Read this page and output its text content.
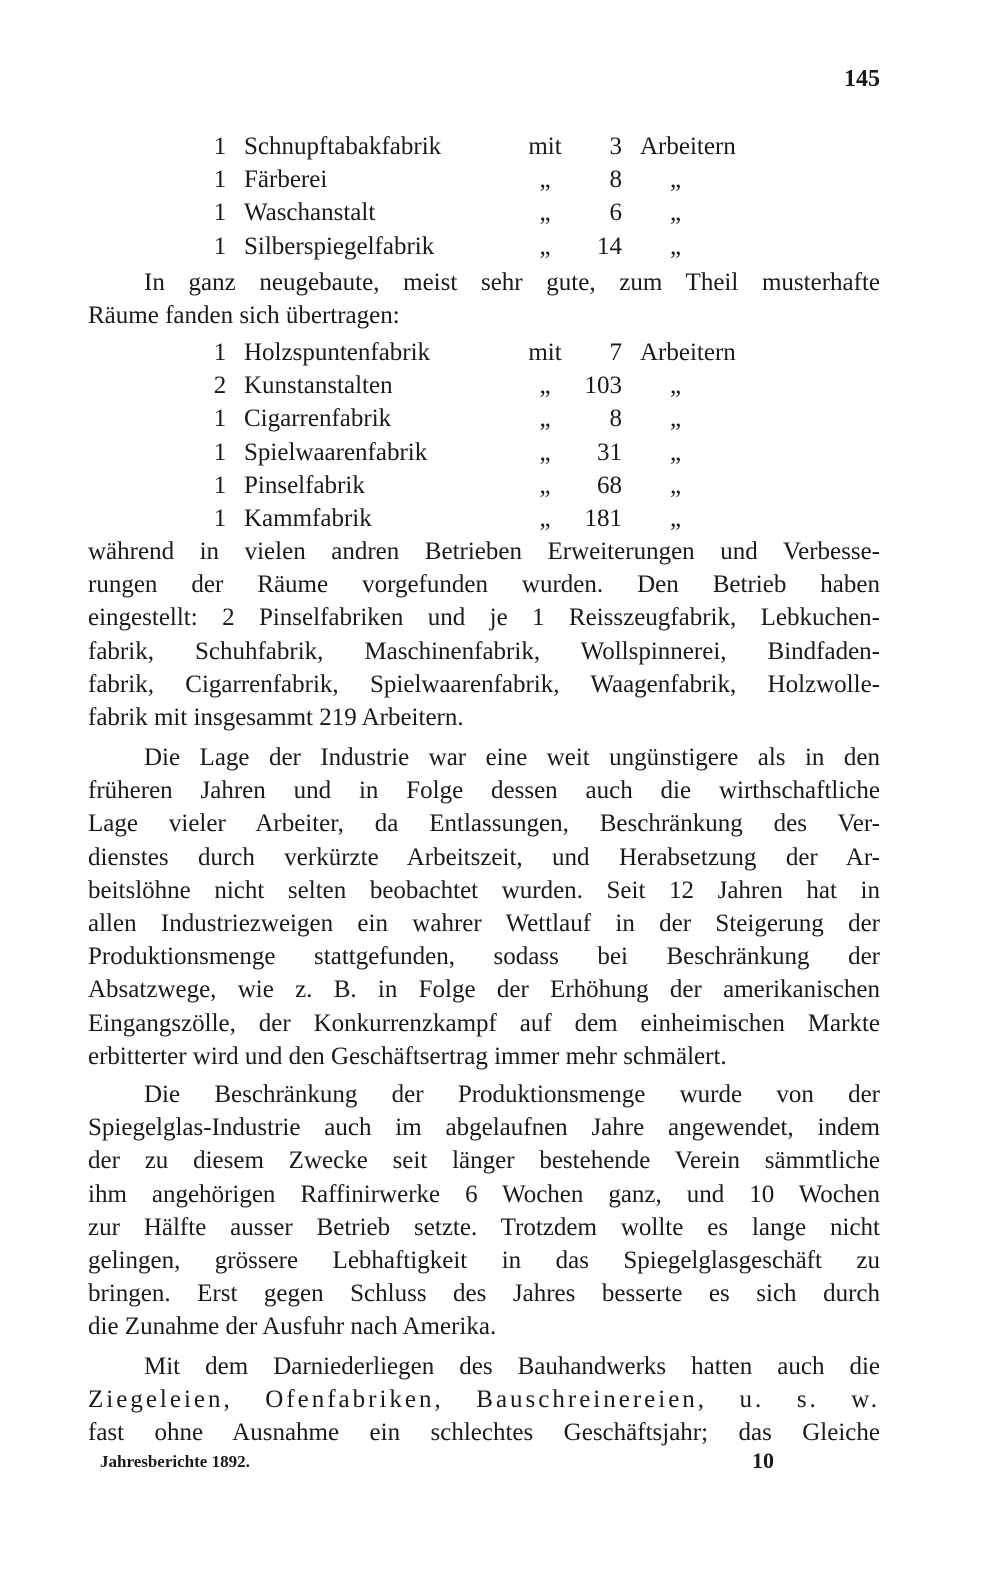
145
1 Schnupftabakfabrik	mit	3 Arbeitern
1 Färberei	„	8 „
1 Waschanstalt	„	6 „
1 Silberspiegelfabrik	„	14 „
In ganz neugebaute, meist sehr gute, zum Theil musterhafte
Räume fanden sich übertragen:
1 Holzspuntenfabrik	mit	7 Arbeitern
2 Kunstanstalten	„	103 „
1 Cigarrenfabrik	„	8 „
1 Spielwaarenfabrik	„	31 „
1 Pinselfabrik	„	68 „
1 Kammfabrik	„	181 „
während in vielen andren Betrieben Erweiterungen und Verbesse-
rungen der Räume vorgefunden wurden. Den Betrieb haben
eingestellt: 2 Pinselfabriken und je 1 Reisszeugfabrik, Lebkuchen-
fabrik, Schuhfabrik, Maschinenfabrik, Wollspinnerei, Bindfaden-
fabrik, Cigarrenfabrik, Spielwaarenfabrik, Waagenfabrik, Holzwolle-
fabrik mit insgesammt 219 Arbeitern.
Die Lage der Industrie war eine weit ungünstigere als in den
früheren Jahren und in Folge dessen auch die wirthschaftliche
Lage vieler Arbeiter, da Entlassungen, Beschränkung des Ver-
dienstes durch verkürzte Arbeitszeit, und Herabsetzung der Ar-
beitslöhne nicht selten beobachtet wurden. Seit 12 Jahren hat in
allen Industriezweigen ein wahrer Wettlauf in der Steigerung der
Produktionsmenge stattgefunden, sodass bei Beschränkung der
Absatzwege, wie z. B. in Folge der Erhöhung der amerikanischen
Eingangszölle, der Konkurrenzkampf auf dem einheimischen Markte
erbitterter wird und den Geschäftsertrag immer mehr schmälert.
Die Beschränkung der Produktionsmenge wurde von der
Spiegelglas-Industrie auch im abgelaufnen Jahre angewendet, indem
der zu diesem Zwecke seit länger bestehende Verein sämmtliche
ihm angehörigen Raffinirwerke 6 Wochen ganz, und 10 Wochen
zur Hälfte ausser Betrieb setzte. Trotzdem wollte es lange nicht
gelingen, grössere Lebhaftigkeit in das Spiegelglasgeschäft zu
bringen. Erst gegen Schluss des Jahres besserte es sich durch
die Zunahme der Ausfuhr nach Amerika.
Mit dem Darniederliegen des Bauhandwerks hatten auch die
Ziegeleien, Ofenfabriken, Bauschreinereien, u. s. w.
fast ohne Ausnahme ein schlechtes Geschäftsjahr; das Gleiche
Jahresberichte 1892.	10
